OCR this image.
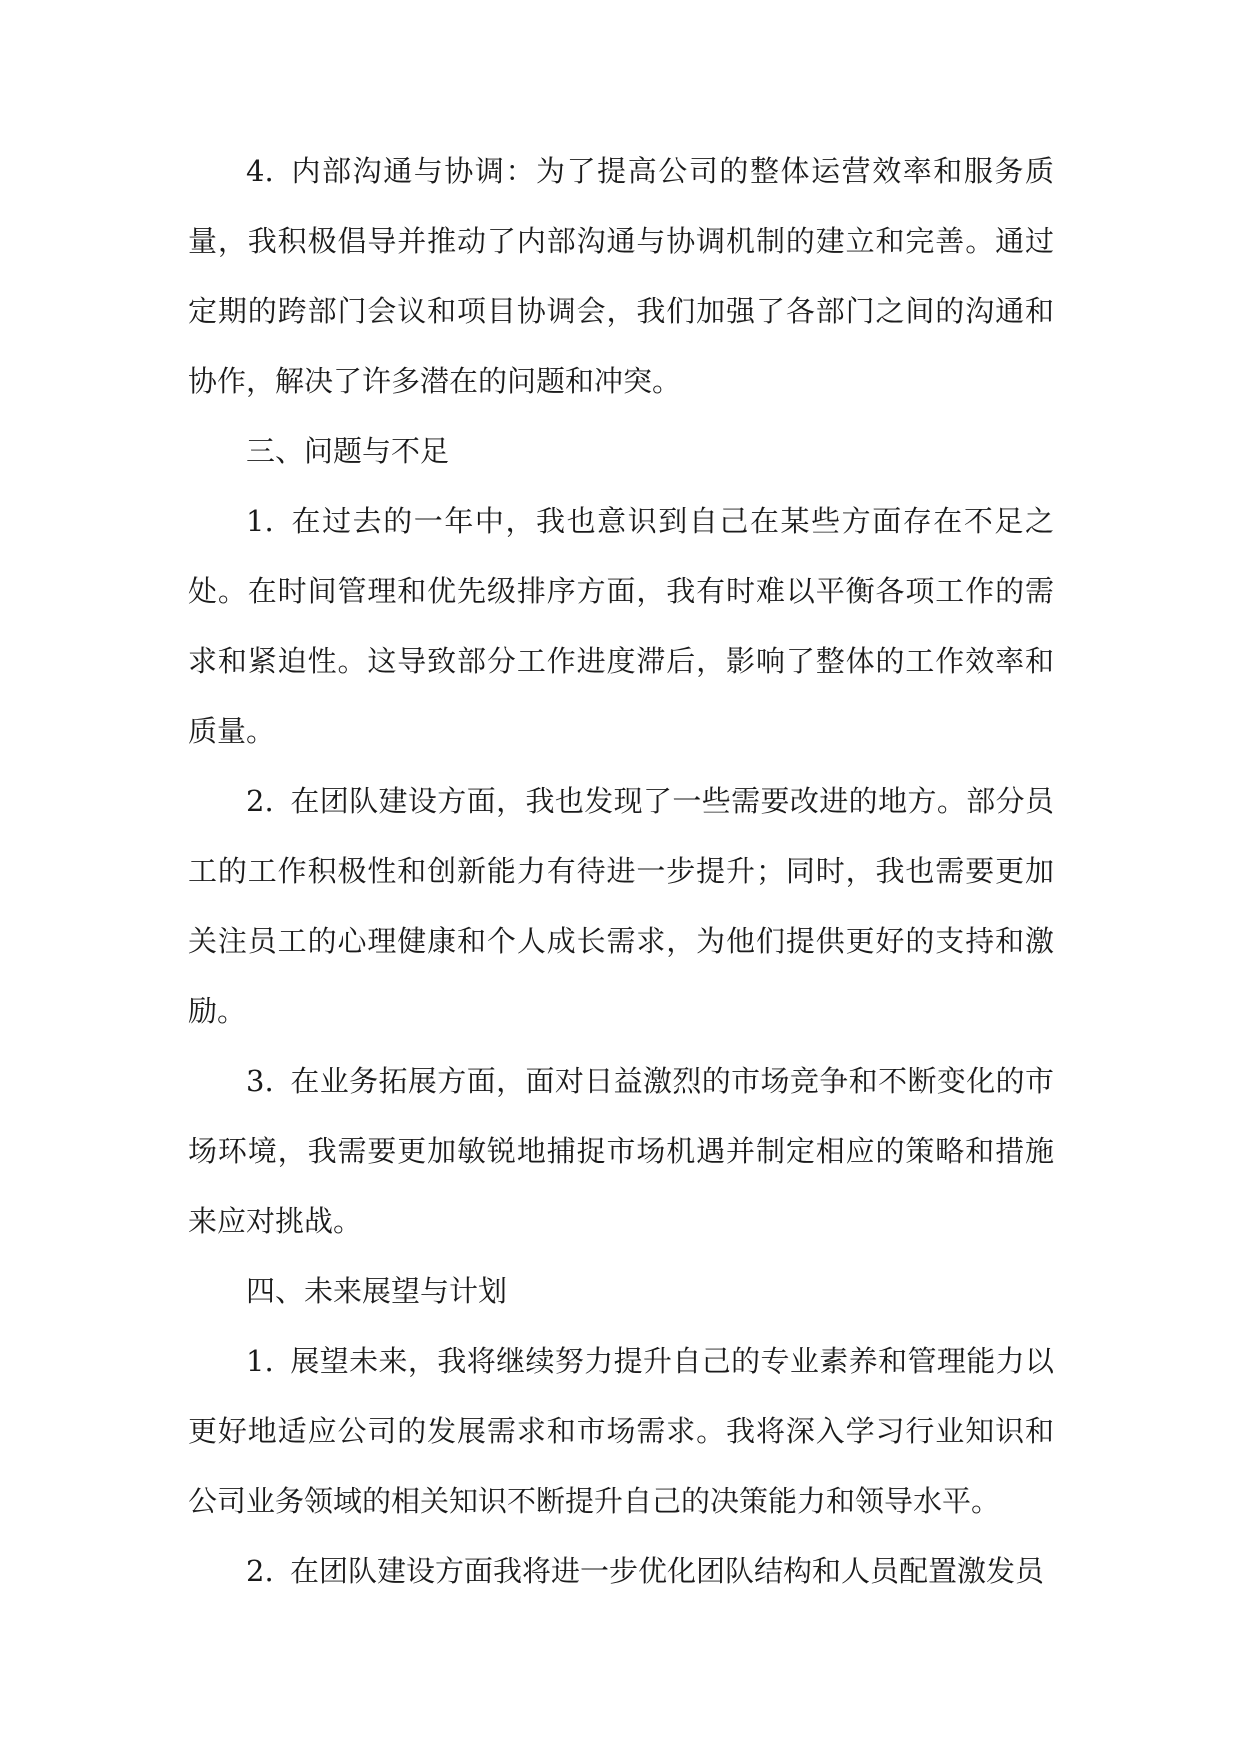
4. 内部沟通与协调：为了提高公司的整体运营效率和服务质量，我积极倡导并推动了内部沟通与协调机制的建立和完善。通过定期的跨部门会议和项目协调会，我们加强了各部门之间的沟通和协作，解决了许多潜在的问题和冲突。

三、问题与不足

1. 在过去的一年中，我也意识到自己在某些方面存在不足之处。在时间管理和优先级排序方面，我有时难以平衡各项工作的需求和紧迫性。这导致部分工作进度滞后，影响了整体的工作效率和质量。

2. 在团队建设方面，我也发现了一些需要改进的地方。部分员工的工作积极性和创新能力有待进一步提升；同时，我也需要更加关注员工的心理健康和个人成长需求，为他们提供更好的支持和激励。

3. 在业务拓展方面，面对日益激烈的市场竞争和不断变化的市场环境，我需要更加敏锐地捕捉市场机遇并制定相应的策略和措施来应对挑战。

四、未来展望与计划

1. 展望未来，我将继续努力提升自己的专业素养和管理能力以更好地适应公司的发展需求和市场需求。我将深入学习行业知识和公司业务领域的相关知识不断提升自己的决策能力和领导水平。

2. 在团队建设方面我将进一步优化团队结构和人员配置激发员
